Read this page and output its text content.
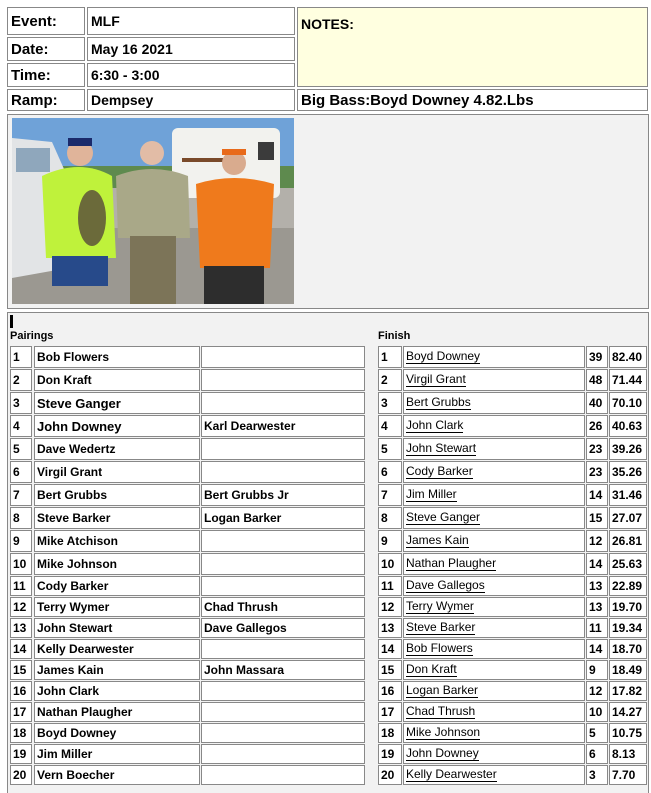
Event:	MLF	NOTES:
Date:	May 16 2021	
Time:	6:30 - 3:00	
Ramp:	Dempsey	Big Bass:Boyd Downey 4.82.Lbs
Pairings	Finish
1	Bob Flowers
2	Don Kraft
3	Steve Ganger
4	John Downey	Karl Dearwester
5	Dave Wedertz
6	Virgil Grant
7	Bert Grubbs	Bert Grubbs Jr
8	Steve Barker	Logan Barker
9	Mike Atchison
10 Mike Johnson
11 Cody Barker
12 Terry Wymer	Chad Thrush
13 John Stewart	Dave Gallegos
14 Kelly Dearwester
15 James Kain	John Massara
16 John Clark
17 Nathan Plaugher
18 Boyd Downey
19 Jim Miller
20 Vern Boecher
1	Boyd Downey	39 82.40
2	Virgil Grant	48 71.44
3	Bert Grubbs	40 70.10
4	John Clark	26 40.63
5	John Stewart	23 39.26
6	Cody Barker	23 35.26
7	Jim Miller	14 31.46
8	Steve Ganger	15 27.07
9	James Kain	12 26.81
10 Nathan Plaugher	14 25.63
11	Dave Gallegos	13 22.89
12 Terry Wymer	13 19.70
13 Steve Barker	11 19.34
14 Bob Flowers	14 18.70
15 Don Kraft	9	18.49
16 Logan Barker	12 17.82
17 Chad Thrush	10 14.27
18 Mike Johnson	5	10.75
19 John Downey	6	8.13
20 Kelly Dearwester	3	7.70
